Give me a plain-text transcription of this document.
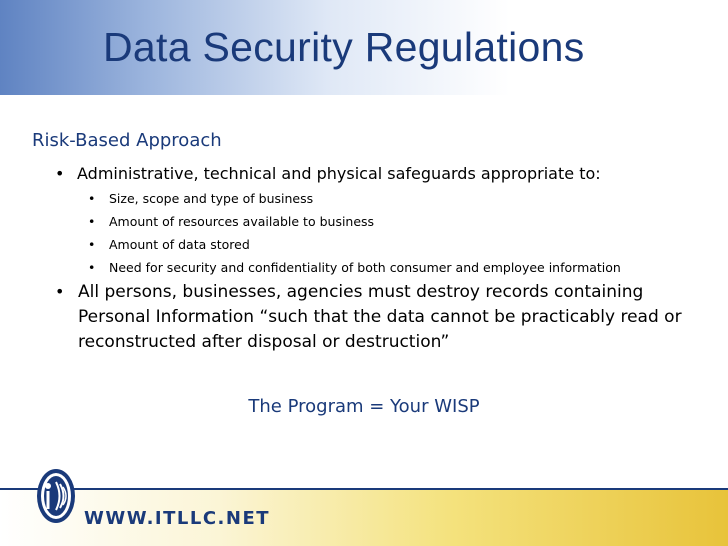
Data Security Regulations
Risk-Based Approach
• Administrative, technical and physical safeguards appropriate to:
• Size, scope and type of business
• Amount of resources available to business
• Amount of data stored
• Need for security and confidentiality of both consumer and employee information
• All persons, businesses, agencies must destroy records containing Personal Information “such that the data cannot be practicably read or reconstructed after disposal or destruction”
The Program = Your WISP
WWW.ITLLC.NET
